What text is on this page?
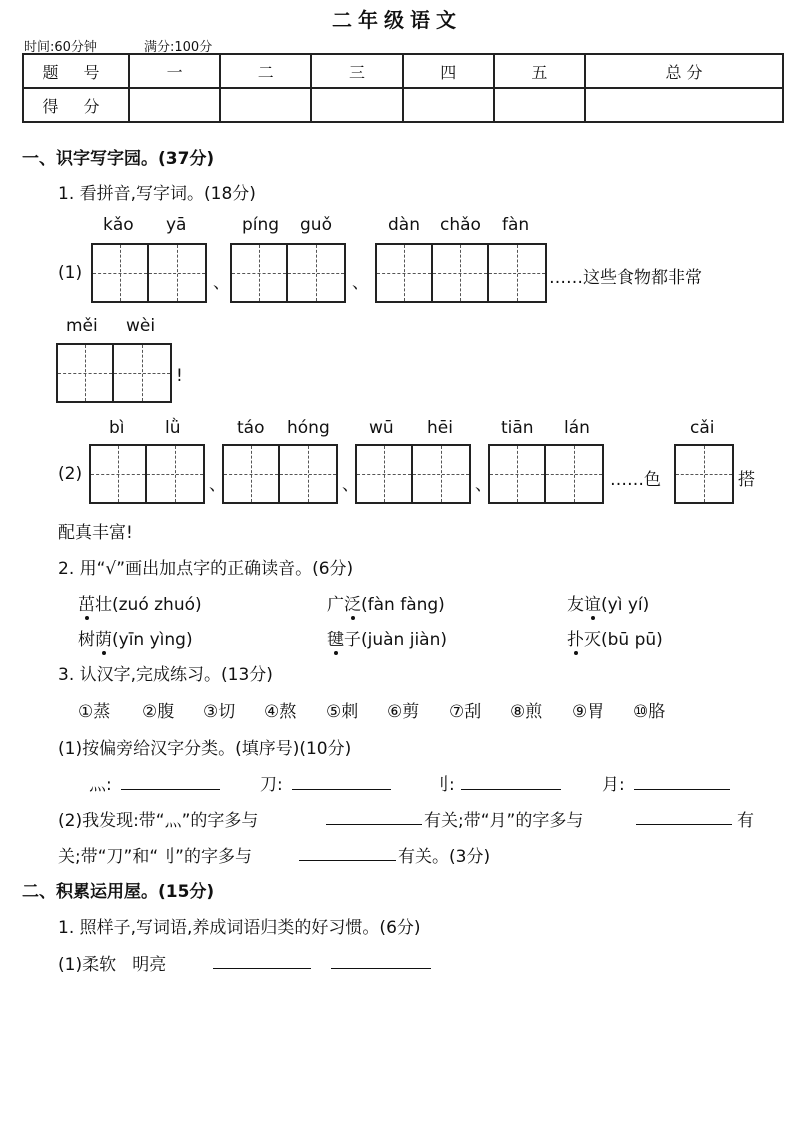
二年级语文
时间:60分钟	满分:100分
题 号	一	二	三	四	五	总 分
得 分						
一、识字写字园。(37分)
1. 看拼音,写字词。(18分)
kǎo yā	píng guǒ	dàn chǎo fàn
(1)	、	、	……这些食物都非常
měi wèi
!
bì lǜ	táo hóng wū hēi	tiān lán	cǎi
(2)
、	、	、	……色	搭
配真丰富!
2. 用“√”画出加点字的正确读音。(6分)
茁壮(zuó zhuó)	广泛(fàn fàng)	友谊(yì yí)
树荫(yīn yìng)	毽子(juàn jiàn)	扑灭(bū pū)
3. 认汉字,完成练习。(13分)
①蒸 ②腹 ③切 ④熬 ⑤刺 ⑥剪 ⑦刮 ⑧煎 ⑨胃 ⑩胳
(1)按偏旁给汉字分类。(填序号)(10分)
灬:	刀:	刂:	月:
(2)我发现:带“灬”的字多与	有关;带“月”的字多与	有
关;带“刀”和“刂”的字多与	有关。(3分)
二、积累运用屋。(15分)
1. 照样子,写词语,养成词语归类的好习惯。(6分)
(1)柔软   明亮
